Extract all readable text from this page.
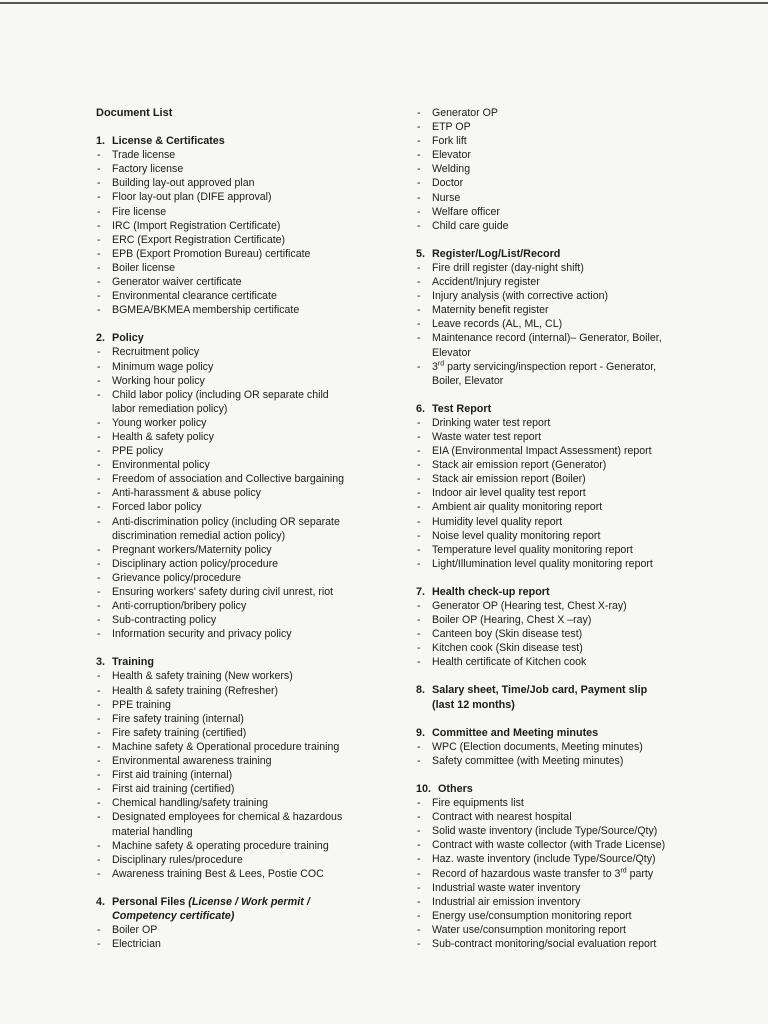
Document List
1. License & Certificates
- Trade license
- Factory license
- Building lay-out approved plan
- Floor lay-out plan (DIFE approval)
- Fire license
- IRC (Import Registration Certificate)
- ERC (Export Registration Certificate)
- EPB (Export Promotion Bureau) certificate
- Boiler license
- Generator waiver certificate
- Environmental clearance certificate
- BGMEA/BKMEA membership certificate
2. Policy
- Recruitment policy
- Minimum wage policy
- Working hour policy
- Child labor policy (including OR separate child
labor remediation policy)
- Young worker policy
- Health & safety policy
- PPE policy
- Environmental policy
- Freedom of association and Collective bargaining
- Anti-harassment & abuse policy
- Forced labor policy
- Anti-discrimination policy (including OR separate
discrimination remedial action policy)
- Pregnant workers/Maternity policy
- Disciplinary action policy/procedure
- Grievance policy/procedure
- Ensuring workers' safety during civil unrest, riot
- Anti-corruption/bribery policy
- Sub-contracting policy
- Information security and privacy policy
3. Training
- Health & safety training (New workers)
- Health & safety training (Refresher)
- PPE training
- Fire safety training (internal)
- Fire safety training (certified)
- Machine safety & Operational procedure training
- Environmental awareness training
- First aid training (internal)
- First aid training (certified)
- Chemical handling/safety training
- Designated employees for chemical & hazardous
material handling
- Machine safety & operating procedure training
- Disciplinary rules/procedure
- Awareness training Best & Lees, Postie COC
4. Personal Files (License / Work permit /
Competency certificate)
- Boiler OP
- Electrician
- Generator OP
- ETP OP
- Fork lift
- Elevator
- Welding
- Doctor
- Nurse
- Welfare officer
- Child care guide
5. Register/Log/List/Record
- Fire drill register (day-night shift)
- Accident/Injury register
- Injury analysis (with corrective action)
- Maternity benefit register
- Leave records (AL, ML, CL)
- Maintenance record (internal)– Generator, Boiler,
Elevator
- 3rd party servicing/inspection report - Generator,
Boiler, Elevator
6. Test Report
- Drinking water test report
- Waste water test report
- EIA (Environmental Impact Assessment) report
- Stack air emission report (Generator)
- Stack air emission report (Boiler)
- Indoor air level quality test report
- Ambient air quality monitoring report
- Humidity level quality report
- Noise level quality monitoring report
- Temperature level quality monitoring report
- Light/Illumination level quality monitoring report
7. Health check-up report
- Generator OP (Hearing test, Chest X-ray)
- Boiler OP (Hearing, Chest X –ray)
- Canteen boy (Skin disease test)
- Kitchen cook (Skin disease test)
- Health certificate of Kitchen cook
8. Salary sheet, Time/Job card, Payment slip
(last 12 months)
9. Committee and Meeting minutes
- WPC (Election documents, Meeting minutes)
- Safety committee (with Meeting minutes)
10. Others
- Fire equipments list
- Contract with nearest hospital
- Solid waste inventory (include Type/Source/Qty)
- Contract with waste collector (with Trade License)
- Haz. waste inventory (include Type/Source/Qty)
- Record of hazardous waste transfer to 3rd party
- Industrial waste water inventory
- Industrial air emission inventory
- Energy use/consumption monitoring report
- Water use/consumption monitoring report
- Sub-contract monitoring/social evaluation report
